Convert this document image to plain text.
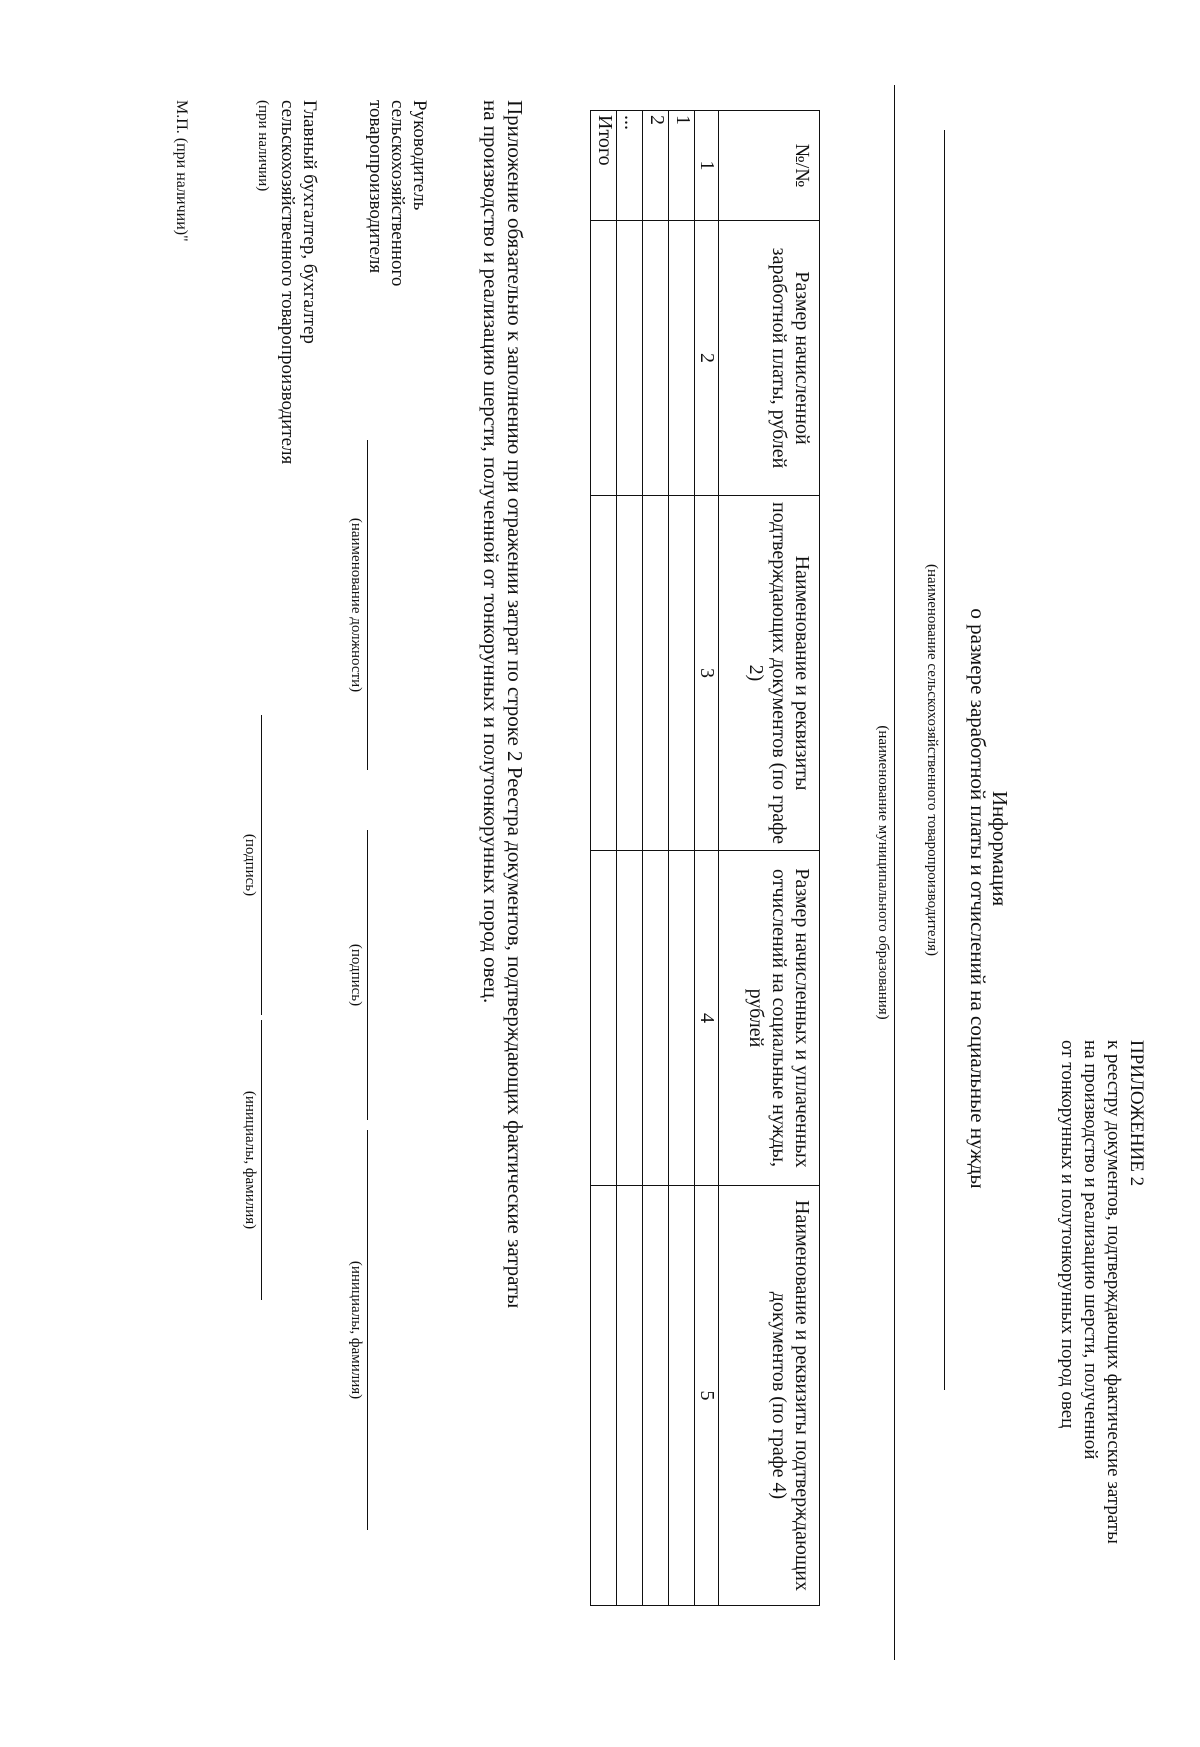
ПРИЛОЖЕНИЕ 2
к реестру документов, подтверждающих фактические затраты
на производство и реализацию шерсти, полученной
от тонкорунных и полутонкорунных пород овец
Информация
о размере заработной платы и отчислений на социальные нужды
(наименование сельскохозяйственного товаропроизводителя)
(наименование муниципального образования)
№/№	Размер начисленной заработной платы, рублей	Наименование и реквизиты подтверждающих документов (по графе 2)	Размер начисленных и уплаченных отчислений на социальные нужды, рублей	Наименование и реквизиты подтверждающих документов (по графе 4)
1	2	3	4	5
1				
2				
...				
Итого				
Приложение обязательно к заполнению при отражении затрат по строке 2 Реестра документов, подтверждающих фактические затраты
на производство и реализацию шерсти, полученной от тонкорунных и полутонкорунных пород овец.
Руководитель
сельскохозяйственного
товаропроизводителя
(наименование должности)
(подпись)
(инициалы, фамилия)
Главный бухгалтер, бухгалтер
сельскохозяйственного товаропроизводителя
(при наличии)
(подпись)
(инициалы, фамилия)
М.П. (при наличии)"
